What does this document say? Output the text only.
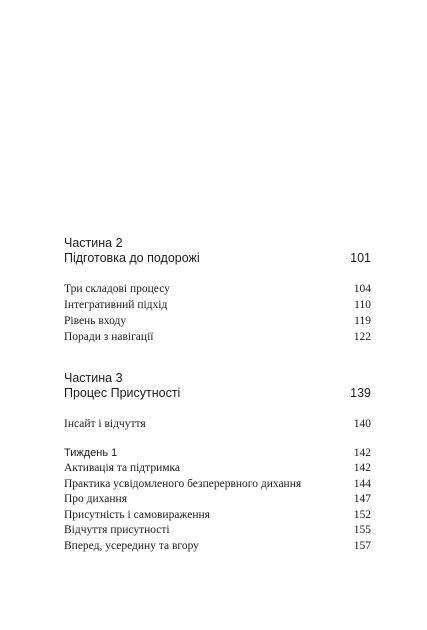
Частина 2
Підготовка до подорожі	101
Три складові процесу	104
Інтегративний підхід	110
Рівень входу	119
Поради з навігації	122
Частина 3
Процес Присутності	139
Інсайт і відчуття	140
Тиждень 1	142
Активація та підтримка	142
Практика усвідомленого безперервного дихання	144
Про дихання	147
Присутність і самовираження	152
Відчуття присутності	155
Вперед, усередину та вгору	157
